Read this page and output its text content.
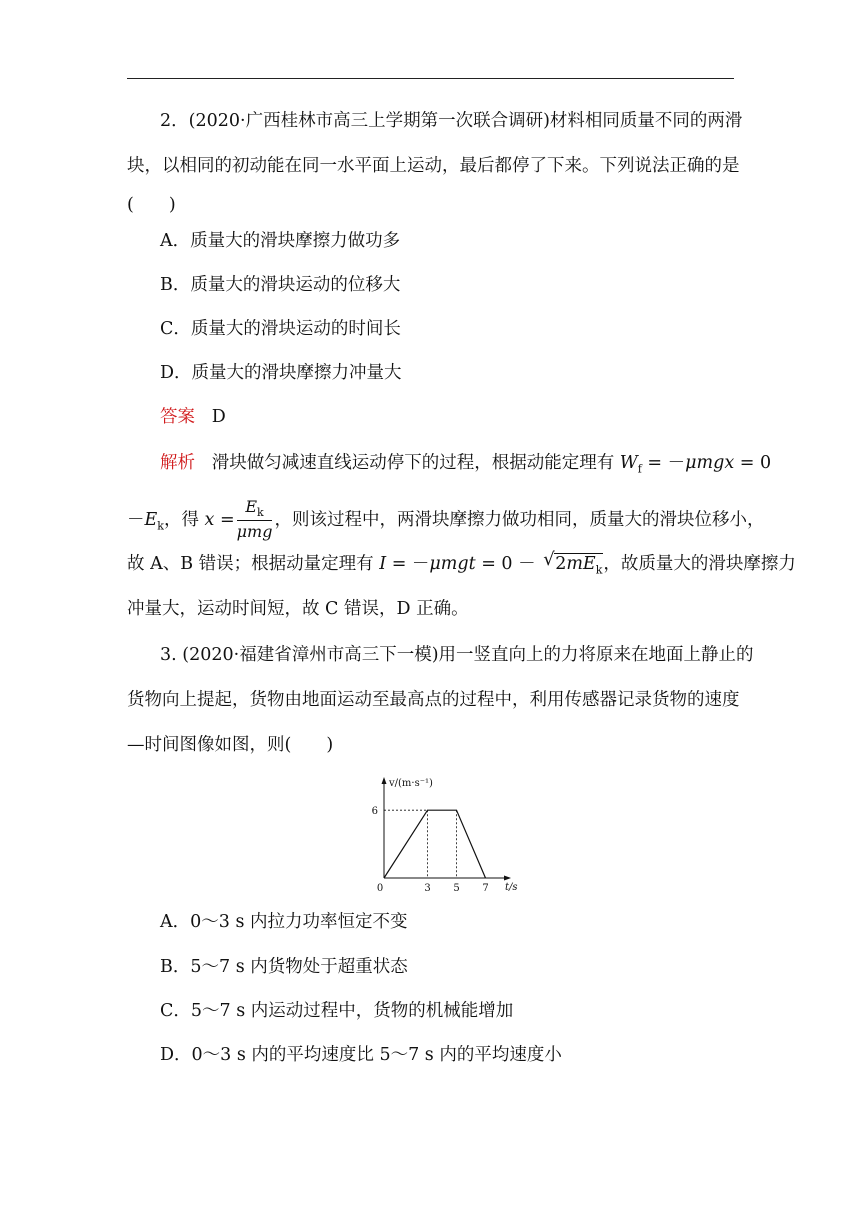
2．(2020·广西桂林市高三上学期第一次联合调研)材料相同质量不同的两滑
块，以相同的初动能在同一水平面上运动，最后都停了下来。下列说法正确的是
(　　)
A．质量大的滑块摩擦力做功多
B．质量大的滑块运动的位移大
C．质量大的滑块运动的时间长
D．质量大的滑块摩擦力冲量大
答案 D
解析 滑块做匀减速直线运动停下的过程，根据动能定理有 $W_f = -\mu mgx = 0$
$-E_k$，得 $x = \frac{E_k}{\text{μmg}}$ ，则该过程中，两滑块摩擦力做功相同，质量大的滑块位移小，
故 A、B 错误；根据动量定理有 I = －μmgt = 0 － √ $2mE_k$，故质量大的滑块摩擦力
冲量大，运动时间短，故 C 错误，D 正确。
3. (2020·福建省漳州市高三下一模)用一竖直向上的力将原来在地面上静止的
货物向上提起，货物由地面运动至最高点的过程中，利用传感器记录货物的速度
—时间图像如图，则(　　)
0	3 5 7
6
t/s
v/(m·s⁻¹)
A．0～3 s 内拉力功率恒定不变
B．5～7 s 内货物处于超重状态
C．5～7 s 内运动过程中，货物的机械能增加
D．0～3 s 内的平均速度比 5～7 s 内的平均速度小
